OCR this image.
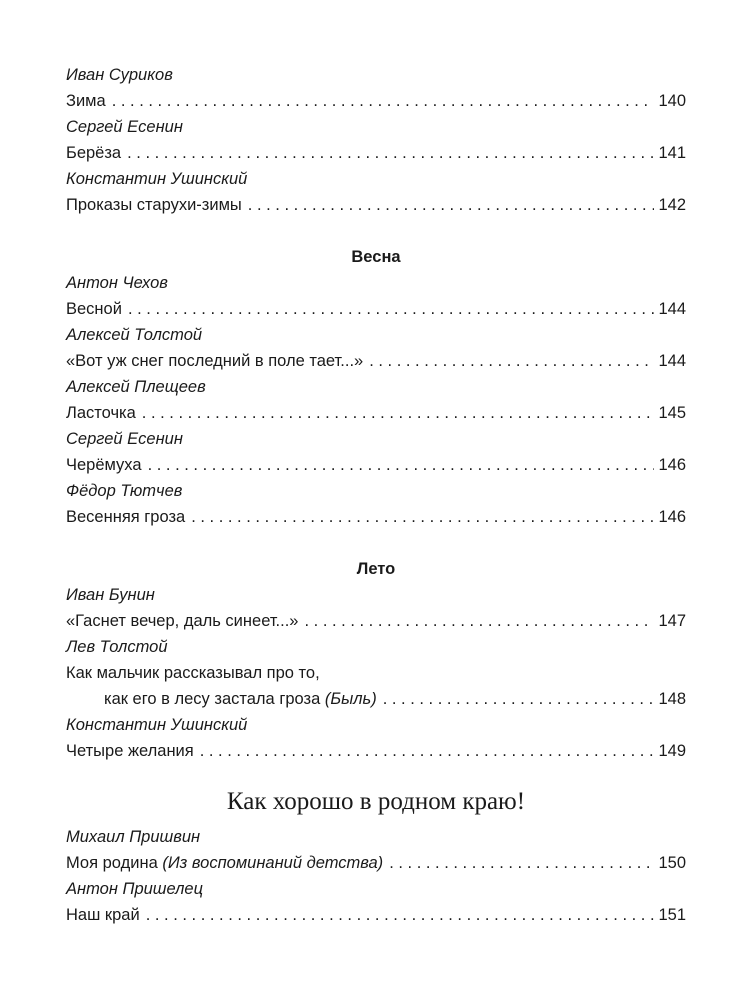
Иван Суриков
Зима . . .	140
Сергей Есенин
Берёза . . .	141
Константин Ушинский
Проказы старухи-зимы . . .	142
Весна
Антон Чехов
Весной . . .	144
Алексей Толстой
«Вот уж снег последний в поле тает...» . . .	144
Алексей Плещеев
Ласточка . . .	145
Сергей Есенин
Черёмуха . . .	146
Фёдор Тютчев
Весенняя гроза . . .	146
Лето
Иван Бунин
«Гаснет вечер, даль синеет...» . . .	147
Лев Толстой
Как мальчик рассказывал про то,
как его в лесу застала гроза
(Быль) . . .	148
Константин Ушинский
Четыре желания . . .	149
Как хорошо в родном краю!
Михаил Пришвин
Моя родина
(Из воспоминаний детства) . . .	150
Антон Пришелец
Наш край . . .	151
